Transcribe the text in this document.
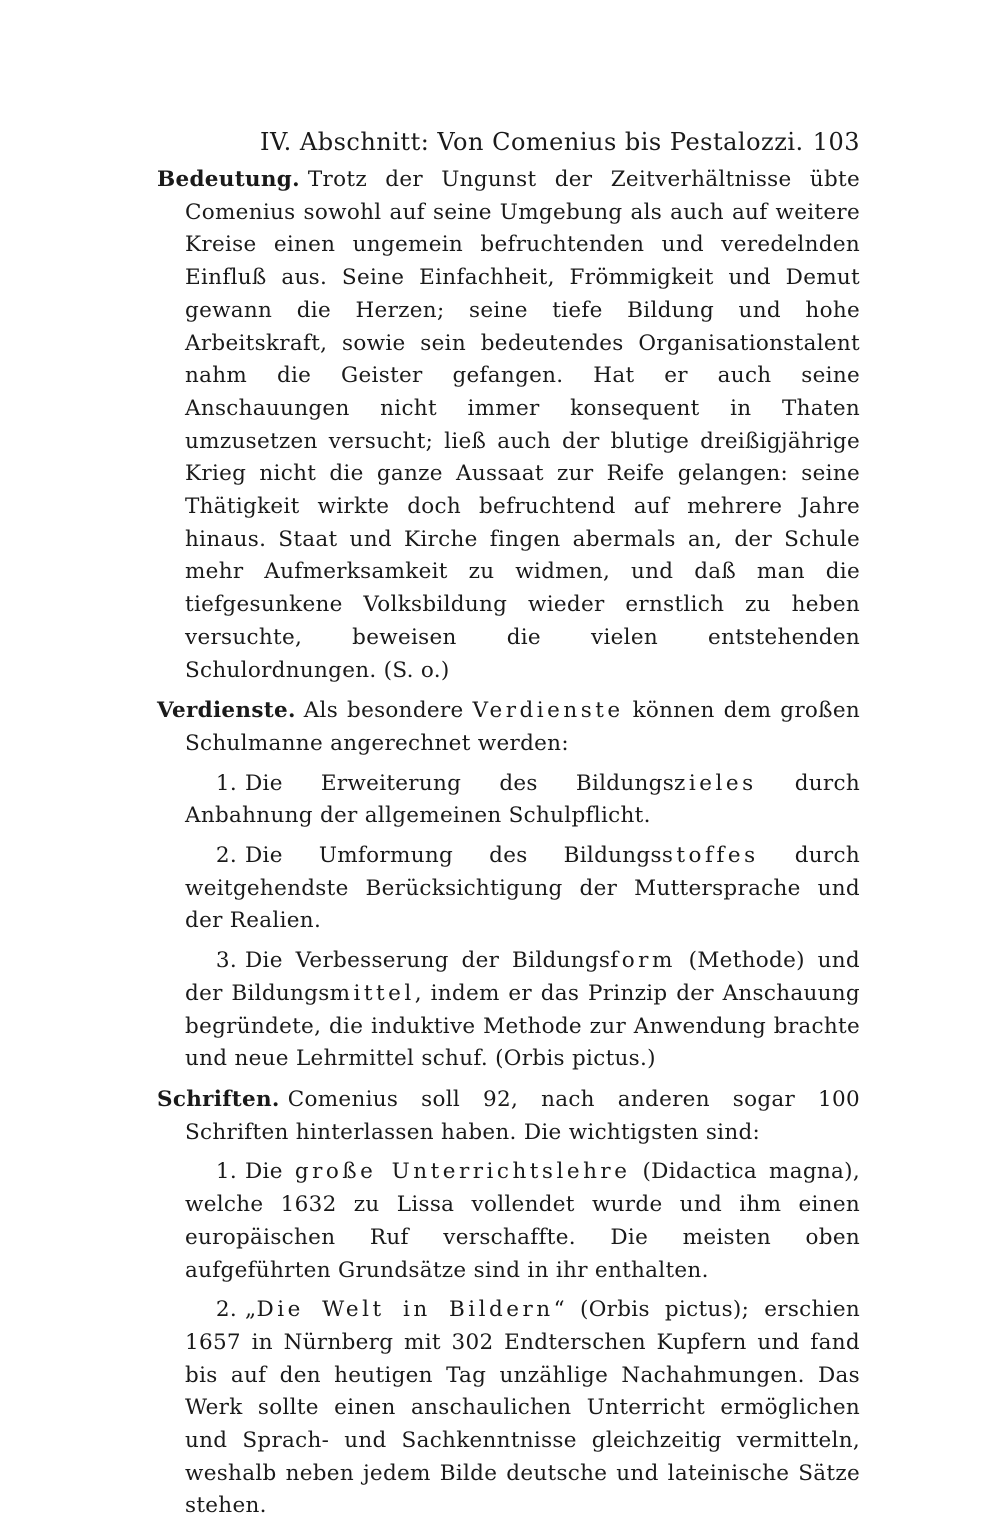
IV. Abschnitt: Von Comenius bis Pestalozzi. 103

Bedeutung. Trotz der Ungunst der Zeitverhältnisse übte Comenius sowohl auf seine Umgebung als auch auf weitere Kreise einen ungemein befruchtenden und veredelnden Einfluß aus. Seine Einfachheit, Frömmigkeit und Demut gewann die Herzen; seine tiefe Bildung und hohe Arbeitskraft, sowie sein bedeutendes Organisationstalent nahm die Geister gefangen. Hat er auch seine Anschauungen nicht immer konsequent in Thaten umzusetzen versucht; ließ auch der blutige dreißigjährige Krieg nicht die ganze Aussaat zur Reife gelangen: seine Thätigkeit wirkte doch befruchtend auf mehrere Jahre hinaus. Staat und Kirche fingen abermals an, der Schule mehr Aufmerksamkeit zu widmen, und daß man die tiefgesunkene Volksbildung wieder ernstlich zu heben versuchte, beweisen die vielen entstehenden Schulordnungen. (S. o.)

Verdienste. Als besondere Verdienste können dem großen Schulmanne angerechnet werden:

1. Die Erweiterung des Bildungszieles durch Anbahnung der allgemeinen Schulpflicht.

2. Die Umformung des Bildungsstoffes durch weitgehendste Berücksichtigung der Muttersprache und der Realien.

3. Die Verbesserung der Bildungsform (Methode) und der Bildungsmittel, indem er das Prinzip der Anschauung begründete, die induktive Methode zur Anwendung brachte und neue Lehrmittel schuf. (Orbis pictus.)

Schriften. Comenius soll 92, nach anderen sogar 100 Schriften hinterlassen haben. Die wichtigsten sind:

1. Die große Unterrichtslehre (Didactica magna), welche 1632 zu Lissa vollendet wurde und ihm einen europäischen Ruf verschaffte. Die meisten oben aufgeführten Grundsätze sind in ihr enthalten.

2. „Die Welt in Bildern“ (Orbis pictus); erschien 1657 in Nürnberg mit 302 Endterschen Kupfern und fand bis auf den heutigen Tag unzählige Nachahmungen. Das Werk sollte einen anschaulichen Unterricht ermöglichen und Sprach- und Sachkenntnisse gleichzeitig vermitteln, weshalb neben jedem Bilde deutsche und lateinische Sätze stehen.
